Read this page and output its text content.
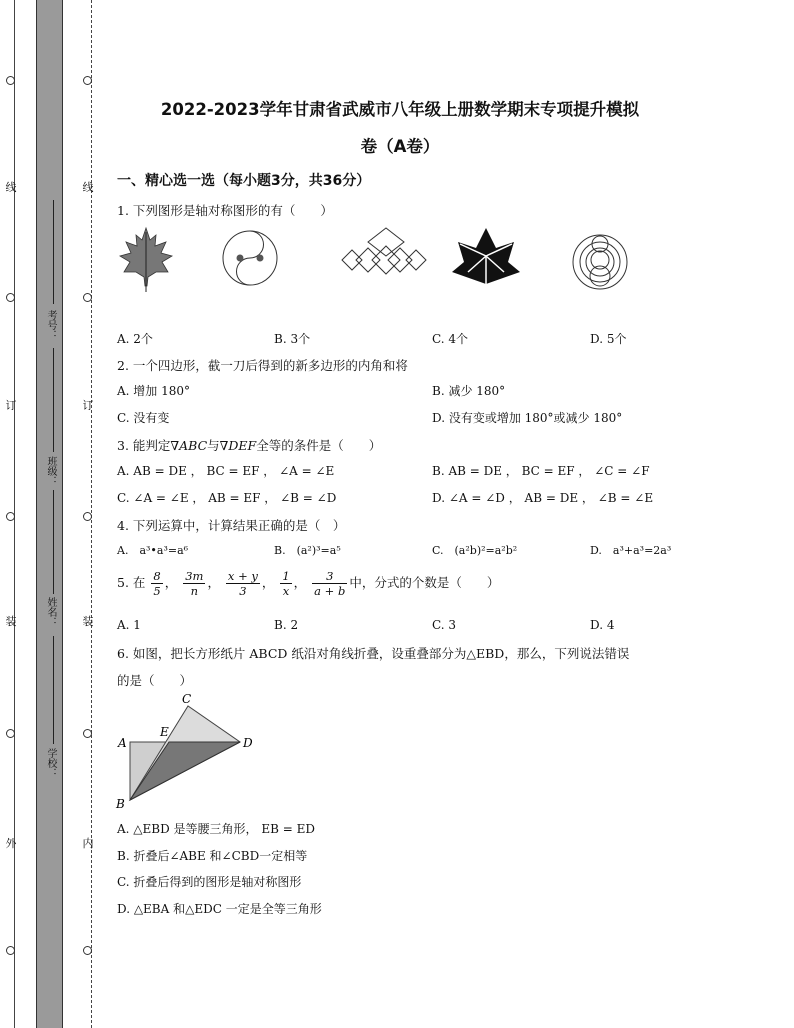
线
订
装
外
线
订
装
内
考号：
班级：
姓名：
学校：
2022-2023学年甘肃省武威市八年级上册数学期末专项提升模拟
卷（A卷）
一、精心选一选（每小题3分，共36分）
1. 下列图形是轴对称图形的有（　　）
A. 2个	B. 3个	C. 4个	D. 5个
2. 一个四边形，截一刀后得到的新多边形的内角和将
A. 增加 180°	B. 减少 180°
C. 没有变	D. 没有变或增加 180°或减少 180°
3. 能判定∇ABC与∇DEF全等的条件是（　　）
A. AB = DE ， BC = EF ， ∠A = ∠E	B. AB = DE ， BC = EF ， ∠C = ∠F
C. ∠A = ∠E ， AB = EF ， ∠B = ∠D	D. ∠A = ∠D ， AB = DE ， ∠B = ∠E
4. 下列运算中，计算结果正确的是（　）
A.　a³•a³=a⁶	B.　(a²)³=a⁵	C.　(a²b)²=a²b²	D.　a³+a³=2a³
5. 在 $\frac{8}{5}$ ， $\frac{3m}{n}$ ， $\frac{x + y}{3}$ ， $\frac{1}{x}$ ， $\frac{3}{a + b}$ 中，分式的个数是（　　）
A. 1	B. 2	C. 3	D. 4
6. 如图，把长方形纸片 ABCD 纸沿对角线折叠，设重叠部分为△EBD，那么，下列说法错误
的是（　　）
A
B
C
D
E
A. △EBD 是等腰三角形， EB = ED
B. 折叠后∠ABE 和∠CBD一定相等
C. 折叠后得到的图形是轴对称图形
D. △EBA 和△EDC 一定是全等三角形
